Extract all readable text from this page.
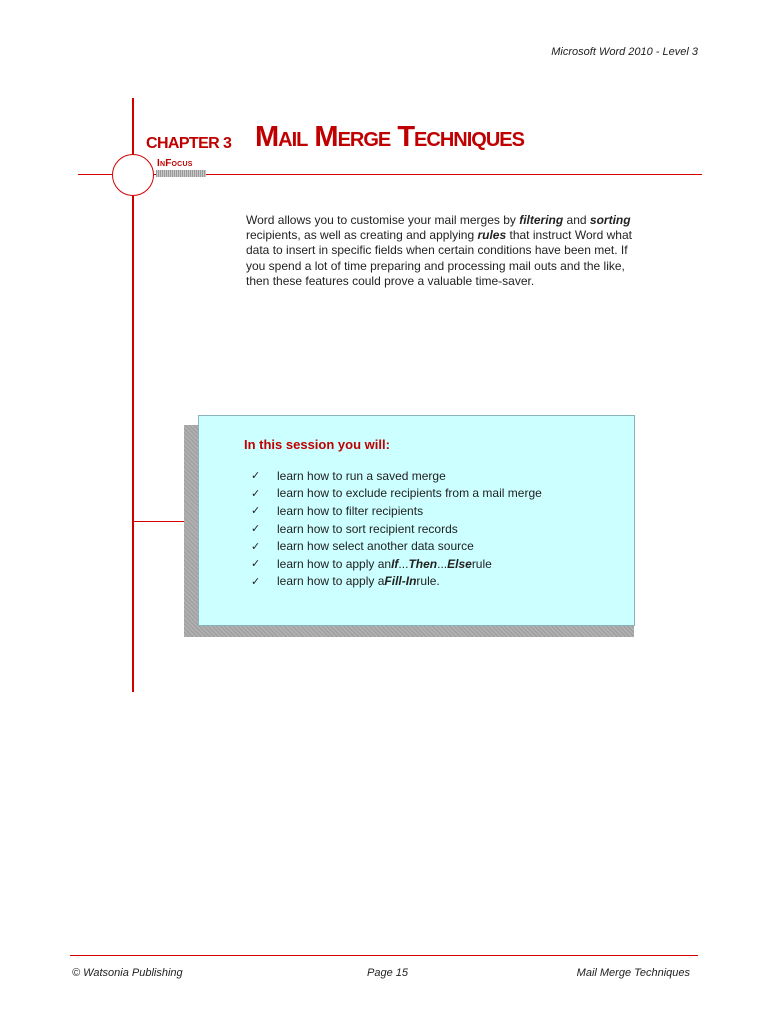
Microsoft Word 2010 - Level 3
CHAPTER 3
InFocus
Mail Merge Techniques

Word allows you to customise your mail merges by filtering and sorting recipients, as well as creating and applying rules that instruct Word what data to insert in specific fields when certain conditions have been met. If you spend a lot of time preparing and processing mail outs and the like, then these features could prove a valuable time-saver.

In this session you will:
✓	learn how to run a saved merge
✓	learn how to exclude recipients from a mail merge
✓	learn how to filter recipients
✓	learn how to sort recipient records
✓	learn how select another data source
✓	learn how to apply an If ... Then ... Else rule
✓	learn how to apply a Fill-In rule.
© Watsonia Publishing	Page 15	Mail Merge Techniques
